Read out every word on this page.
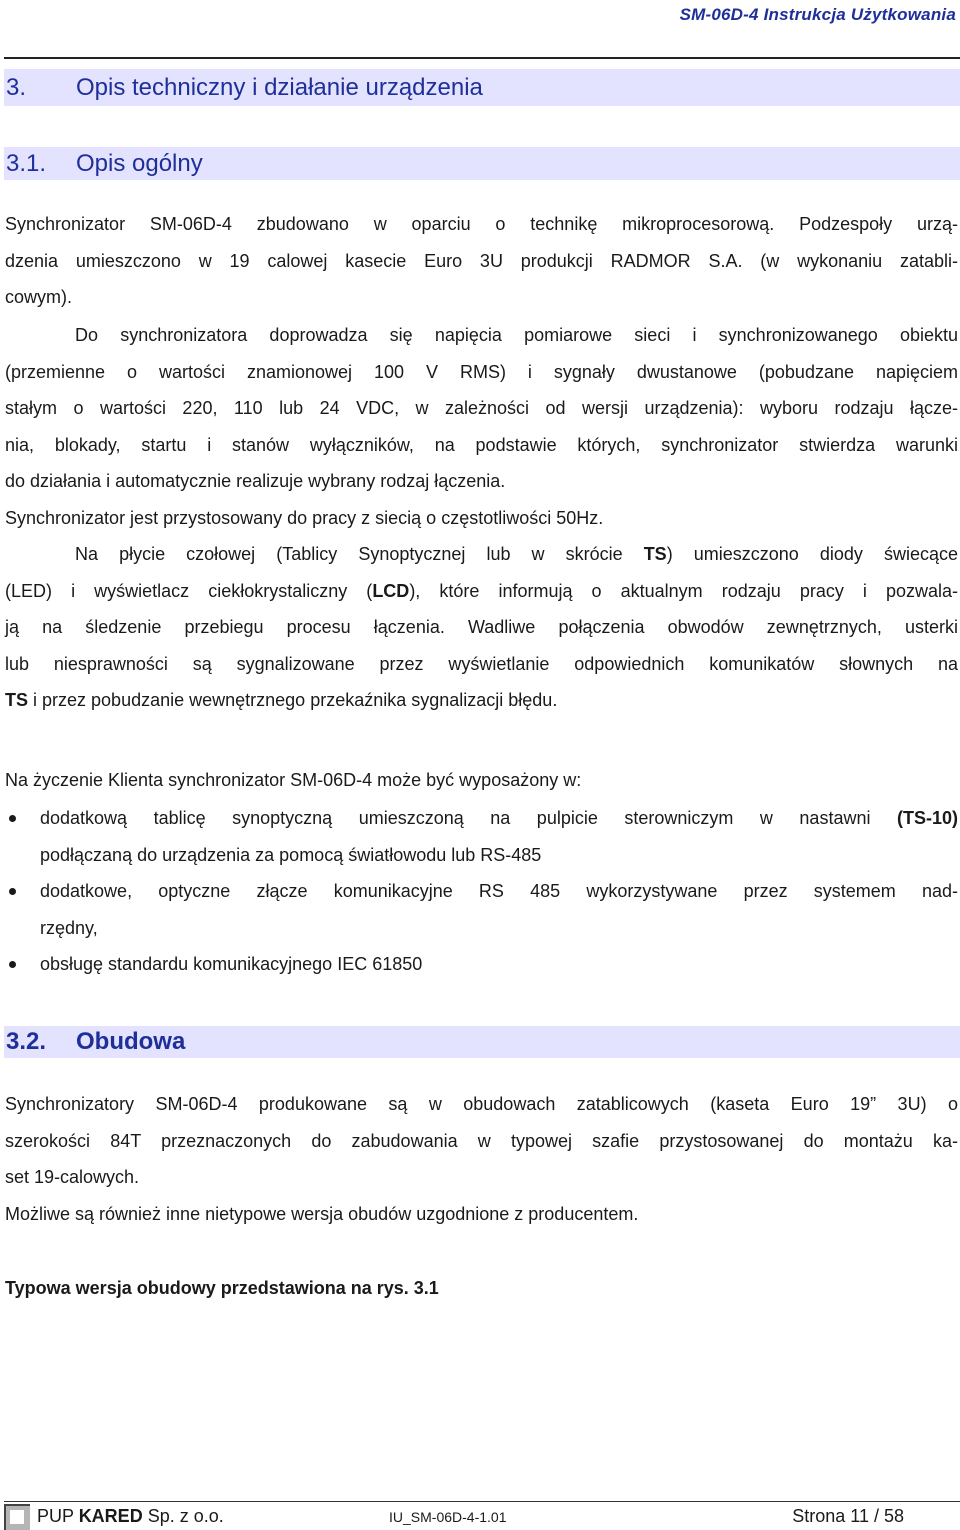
SM-06D-4 Instrukcja Użytkowania
3.	Opis techniczny i działanie urządzenia
3.1.	Opis ogólny
Synchronizator SM-06D-4 zbudowano w oparciu o technikę mikroprocesorową. Podzespoły urzą-
dzenia umieszczono w 19 calowej kasecie Euro 3U produkcji RADMOR S.A. (w wykonaniu zatabli-
cowym).
Do synchronizatora doprowadza się napięcia pomiarowe sieci i synchronizowanego obiektu
(przemienne o wartości znamionowej 100 V RMS) i sygnały dwustanowe (pobudzane napięciem
stałym o wartości 220, 110 lub 24 VDC, w zależności od wersji urządzenia): wyboru rodzaju łącze-
nia, blokady, startu i stanów wyłączników, na podstawie których, synchronizator stwierdza warunki
do działania i automatycznie realizuje wybrany rodzaj łączenia.
Synchronizator jest przystosowany do pracy z siecią o częstotliwości 50Hz.
Na płycie czołowej (Tablicy Synoptycznej lub w skrócie TS) umieszczono diody świecące
(LED) i wyświetlacz ciekłokrystaliczny (LCD), które informują o aktualnym rodzaju pracy i pozwala-
ją na śledzenie przebiegu procesu łączenia. Wadliwe połączenia obwodów zewnętrznych, usterki
lub niesprawności są sygnalizowane przez wyświetlanie odpowiednich komunikatów słownych na
TS i przez pobudzanie wewnętrznego przekaźnika sygnalizacji błędu.
Na życzenie Klienta synchronizator SM-06D-4 może być wyposażony w:
dodatkową tablicę synoptyczną umieszczoną na pulpicie sterowniczym w nastawni (TS-10)
podłączaną do urządzenia za pomocą światłowodu lub RS-485
dodatkowe, optyczne złącze komunikacyjne RS 485 wykorzystywane przez systemem nad-
rzędny,
obsługę standardu komunikacyjnego IEC 61850
3.2.	Obudowa
Synchronizatory SM-06D-4 produkowane są w obudowach zatablicowych (kaseta Euro 19” 3U) o
szerokości 84T przeznaczonych do zabudowania w typowej szafie przystosowanej do montażu ka-
set 19-calowych.
Możliwe są również inne nietypowe wersja obudów uzgodnione z producentem.
Typowa wersja obudowy przedstawiona na rys. 3.1
PUP KARED Sp. z o.o.	IU_SM-06D-4-1.01	Strona 11 / 58
